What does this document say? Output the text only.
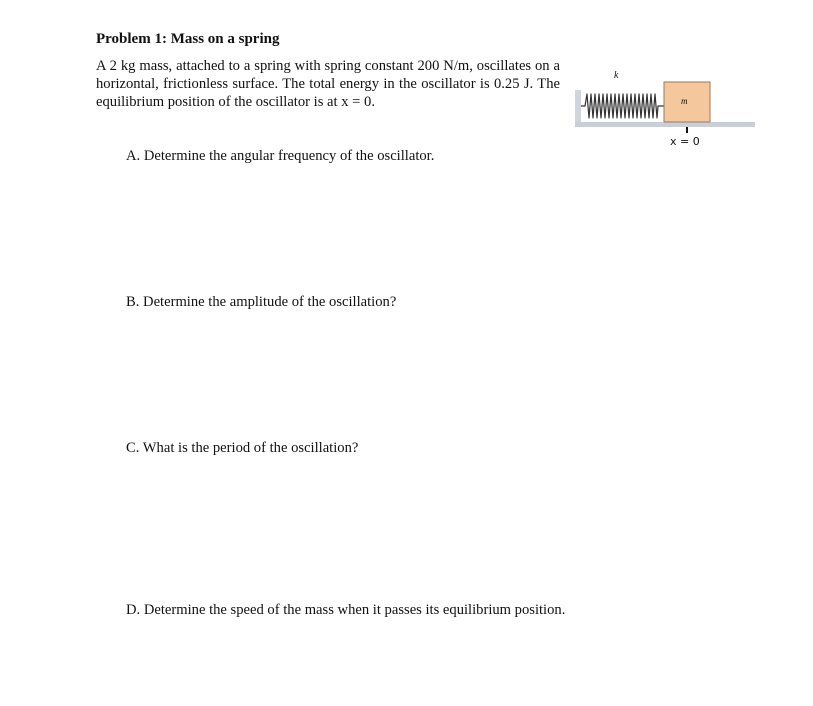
Problem 1: Mass on a spring

A 2 kg mass, attached to a spring with spring constant 200 N/m, oscillates on a horizontal, frictionless surface. The total energy in the oscillator is 0.25 J. The equilibrium position of the oscillator is at x = 0.

k
m
x = 0

A. Determine the angular frequency of the oscillator.

B. Determine the amplitude of the oscillation?

C. What is the period of the oscillation?

D. Determine the speed of the mass when it passes its equilibrium position.
